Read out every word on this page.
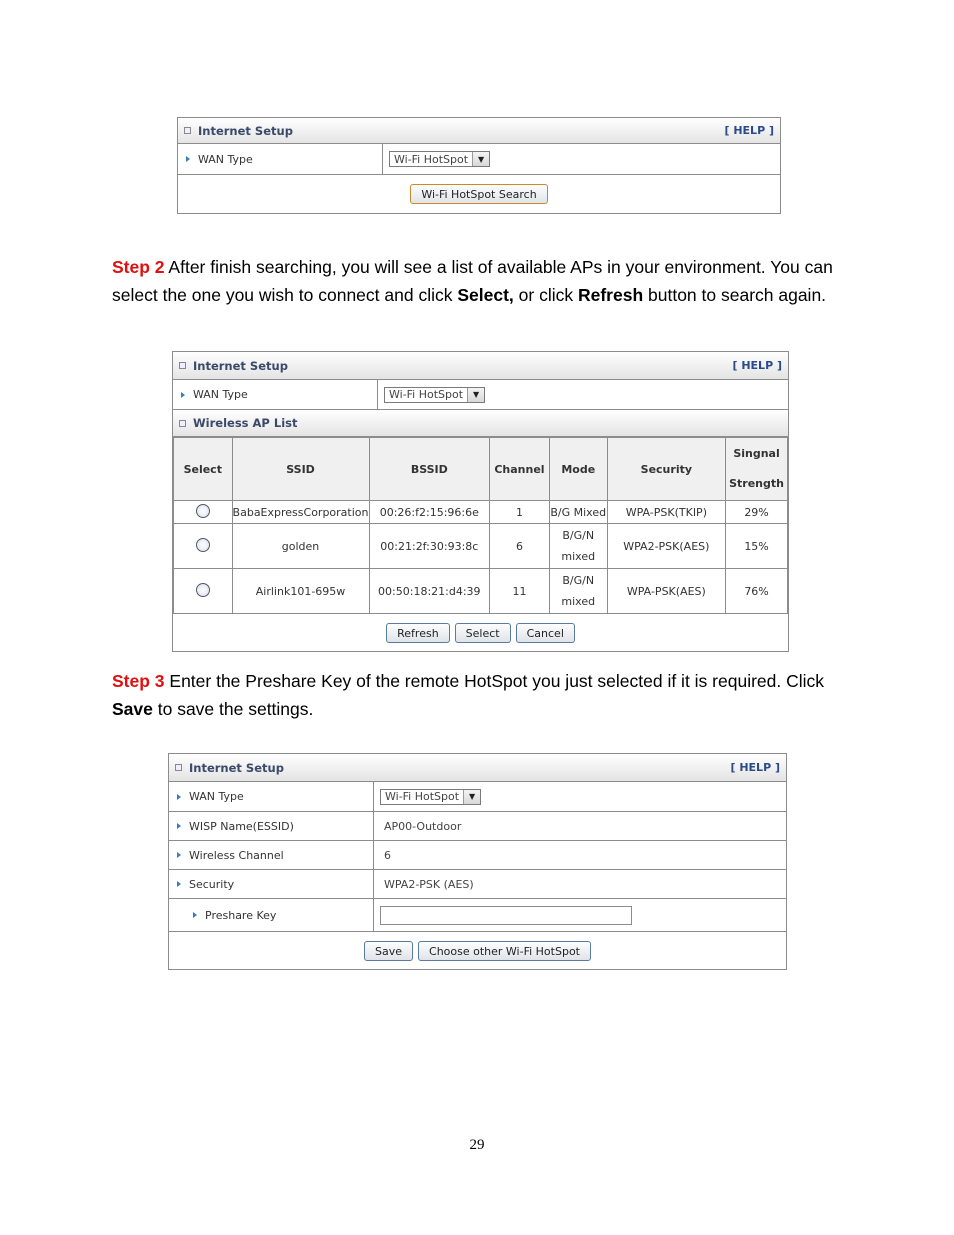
Internet Setup	[ HELP ]
WAN Type	Wi-Fi HotSpot	▼
Wi-Fi HotSpot Search
Step 2 After finish searching, you will see a list of available APs in your environment. You can select the one you wish to connect and click Select, or click Refresh button to search again.
Internet Setup	[ HELP ]
WAN Type	Wi-Fi HotSpot	▼
Wireless AP List
Select	SSID	BSSID	Channel	Mode	Security	Singnal Strength
	BabaExpressCorporation	00:26:f2:15:96:6e	1	B/G Mixed	WPA-PSK(TKIP)	29%
	golden	00:21:2f:30:93:8c	6	B/G/N mixed	WPA2-PSK(AES)	15%
	Airlink101-695w	00:50:18:21:d4:39	11	B/G/N mixed	WPA-PSK(AES)	76%
Refresh	Select	Cancel
Step 3 Enter the Preshare Key of the remote HotSpot you just selected if it is required. Click Save to save the settings.
Internet Setup	[ HELP ]
WAN Type	Wi-Fi HotSpot	▼
WISP Name(ESSID)	AP00-Outdoor
Wireless Channel	6
Security	WPA2-PSK (AES)
Preshare Key
Save	Choose other Wi-Fi HotSpot
29
